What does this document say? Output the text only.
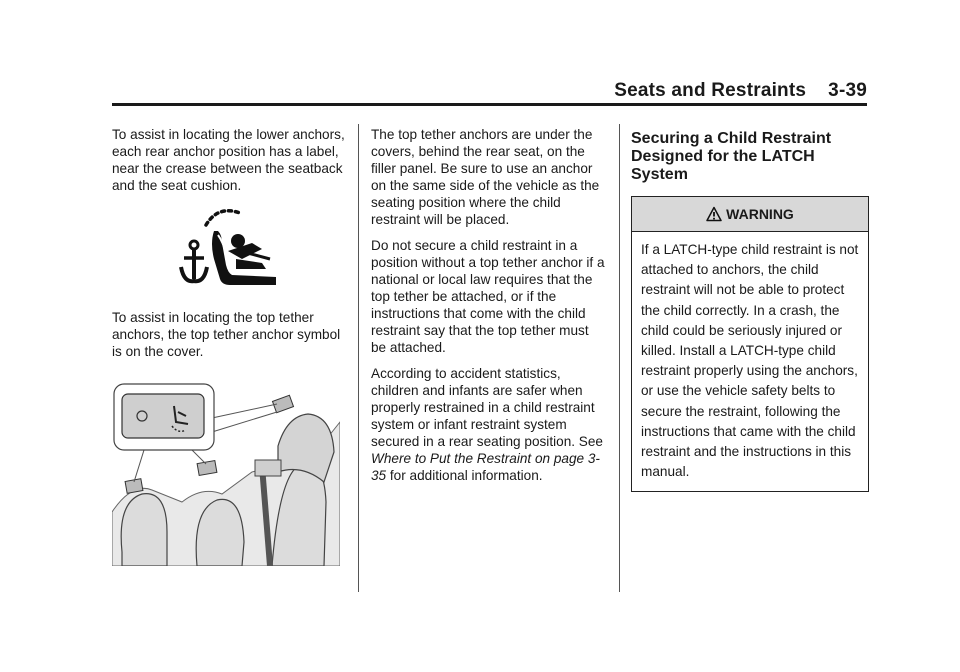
Seats and Restraints 3-39

To assist in locating the lower anchors, each rear anchor position has a label, near the crease between the seatback and the seat cushion.

To assist in locating the top tether anchors, the top tether anchor symbol is on the cover.

The top tether anchors are under the covers, behind the rear seat, on the filler panel. Be sure to use an anchor on the same side of the vehicle as the seating position where the child restraint will be placed.

Do not secure a child restraint in a position without a top tether anchor if a national or local law requires that the top tether be attached, or if the instructions that come with the child restraint say that the top tether must be attached.

According to accident statistics, children and infants are safer when properly restrained in a child restraint system or infant restraint system secured in a rear seating position. See Where to Put the Restraint on page 3-35 for additional information.

Securing a Child Restraint Designed for the LATCH System
WARNING
If a LATCH-type child restraint is not attached to anchors, the child restraint will not be able to protect the child correctly. In a crash, the child could be seriously injured or killed. Install a LATCH-type child restraint properly using the anchors, or use the vehicle safety belts to secure the restraint, following the instructions that came with the child restraint and the instructions in this manual.
